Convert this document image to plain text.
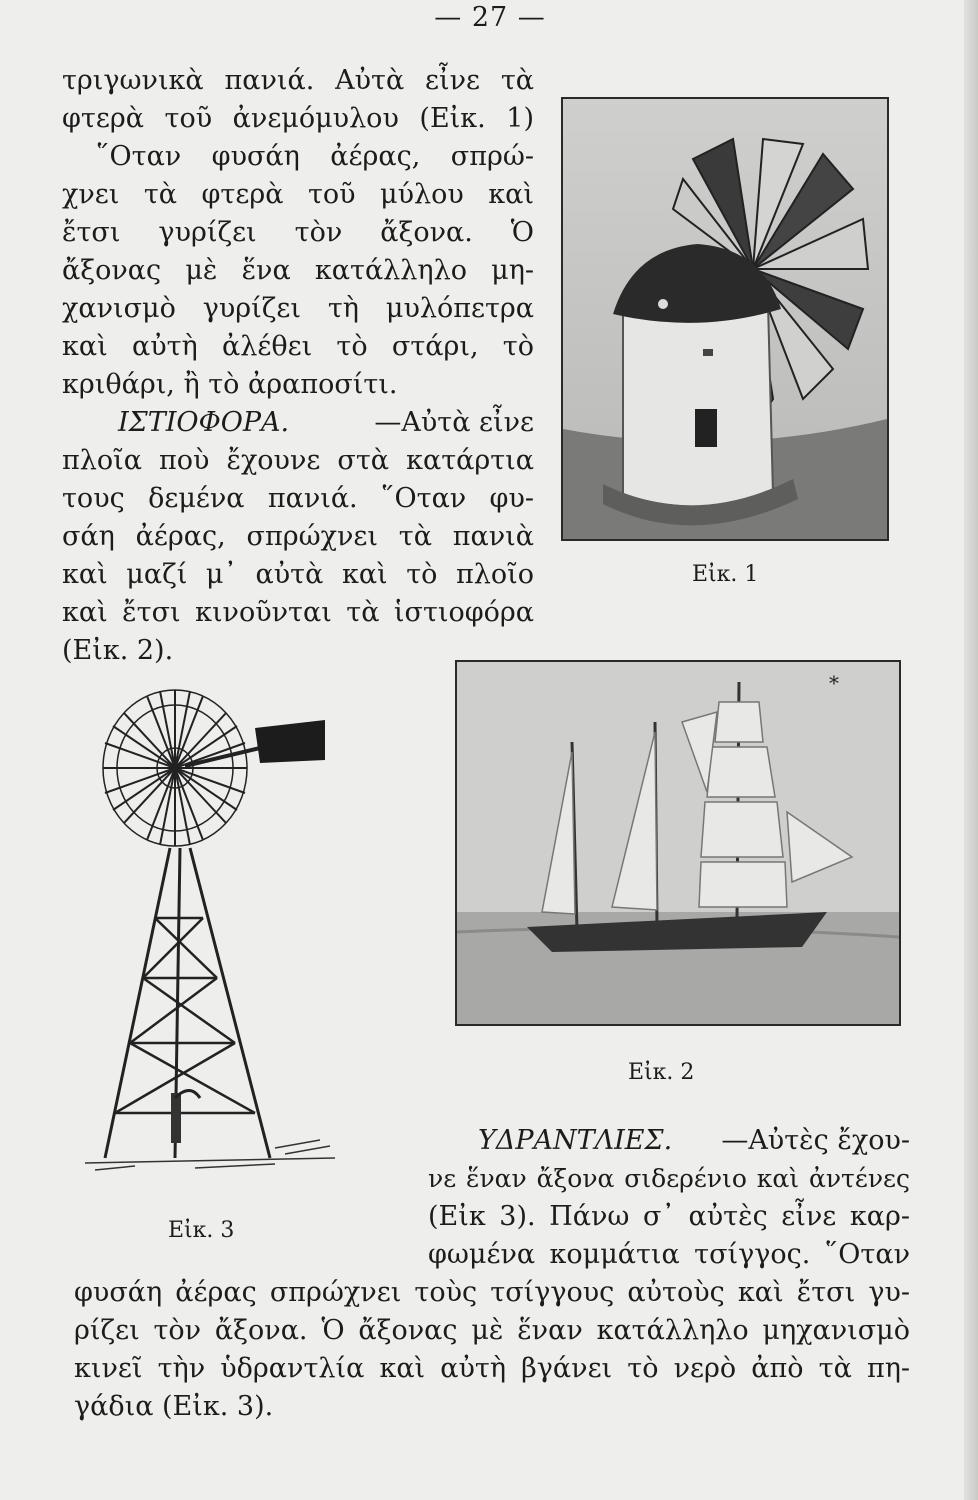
— 27 —
τριγωνικὰ πανιά. Αὐτὰ εἶνε τὰ
φτερὰ τοῦ ἀνεμόμυλου (Εἰκ. 1)
῞Οταν φυσάη ἀέρας, σπρώ-
χνει τὰ φτερὰ τοῦ μύλου καὶ
ἔτσι γυρίζει τὸν ἄξονα. Ὁ
ἄξονας μὲ ἕνα κατάλληλο μη-
χανισμὸ γυρίζει τὴ μυλόπετρα
καὶ αὐτὴ ἀλέθει τὸ στάρι, τὸ
κριθάρι, ἢ τὸ ἀραποσίτι.
ΙΣΤΙΟΦΟΡΑ.	—Αὐτὰ εἶνε
πλοῖα ποὺ ἔχουνε στὰ κατάρτια
τους δεμένα πανιά. ῞Οταν φυ-
σάη ἀέρας, σπρώχνει τὰ πανιὰ
καὶ μαζί μ᾽ αὐτὰ καὶ τὸ πλοῖο
καὶ ἔτσι κινοῦνται τὰ ἱστιοφόρα
(Εἰκ. 2).
Εἰκ. 1
*
Εἰκ. 2
Εἰκ. 3
ΥΔΡΑΝΤΛΙΕΣ. —Αὐτὲς ἔχου-
νε ἕναν ἄξονα σιδερένιο καὶ ἀντένες
(Εἰκ 3). Πάνω σ᾽ αὐτὲς εἶνε καρ-
φωμένα κομμάτια τσίγγος. ῞Οταν
φυσάη ἀέρας σπρώχνει τοὺς τσίγγους αὐτοὺς καὶ ἔτσι γυ-
ρίζει τὸν ἄξονα. Ὁ ἄξονας μὲ ἕναν κατάλληλο μηχανισμὸ
κινεῖ τὴν ὑδραντλία καὶ αὐτὴ βγάνει τὸ νερὸ ἀπὸ τὰ πη-
γάδια (Εἰκ. 3).
